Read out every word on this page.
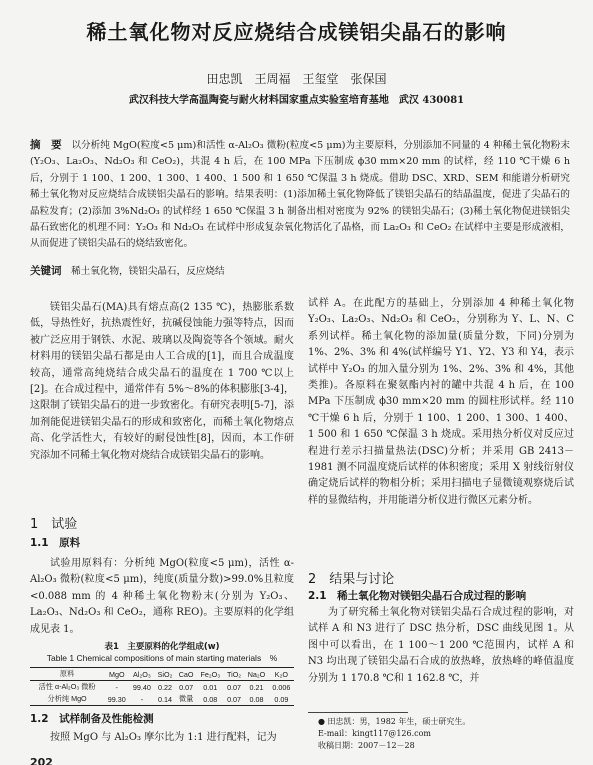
稀土氧化物对反应烧结合成镁铝尖晶石的影响
田忠凯　王周福　王玺堂　张保国
武汉科技大学高温陶瓷与耐火材料国家重点实验室培育基地　武汉 430081
摘　要　以分析纯 MgO(粒度<5 μm)和活性 α-Al₂O₃ 微粉(粒度<5 μm)为主要原料，分别添加不同量的 4 种稀土氧化物粉末(Y₂O₃、La₂O₃、Nd₂O₃ 和 CeO₂)，共混 4 h 后，在 100 MPa 下压制成 ϕ30 mm×20 mm 的试样，经 110 ℃干燥 6 h 后，分别于 1 100、1 200、1 300、1 400、1 500 和 1 650 ℃保温 3 h 烧成。借助 DSC、XRD、SEM 和能谱分析研究稀土氧化物对反应烧结合成镁铝尖晶石的影响。结果表明：(1)添加稀土氧化物降低了镁铝尖晶石的结晶温度，促进了尖晶石的晶粒发育；(2)添加 3%Nd₂O₃ 的试样经 1 650 ℃保温 3 h 制备出相对密度为 92% 的镁铝尖晶石；(3)稀土氧化物促进镁铝尖晶石致密化的机理不同：Y₂O₃ 和 Nd₂O₃ 在试样中形成复杂氧化物活化了晶格，而 La₂O₃ 和 CeO₂ 在试样中主要是形成液相，从而促进了镁铝尖晶石的烧结致密化。
关键词　稀土氧化物，镁铝尖晶石，反应烧结

镁铝尖晶石(MA)具有熔点高(2 135 ℃)，热膨胀系数低，导热性好，抗热震性好，抗碱侵蚀能力强等特点，因而被广泛应用于钢铁、水泥、玻璃以及陶瓷等各个领域。耐火材料用的镁铝尖晶石都是由人工合成的[1]，而且合成温度较高，通常高纯烧结合成尖晶石的温度在 1 700 ℃以上[2]。在合成过程中，通常伴有 5%～8%的体积膨胀[3-4]，这限制了镁铝尖晶石的进一步致密化。有研究表明[5-7]，添加剂能促进镁铝尖晶石的形成和致密化，而稀土氧化物熔点高、化学活性大，有较好的耐侵蚀性[8]，因而，本工作研究添加不同稀土氧化物对烧结合成镁铝尖晶石的影响。

1　试验
1.1　原料

试验用原料有：分析纯 MgO(粒度<5 μm)，活性 α-Al₂O₃ 微粉(粒度<5 μm)，纯度(质量分数)>99.0%且粒度<0.088 mm 的 4 种稀土氧化物粉末(分别为 Y₂O₃、La₂O₃、Nd₂O₃ 和 CeO₂，通称 REO)。主要原料的化学组成见表 1。

表1　主要原料的化学组成(w)
Table 1 Chemical compositions of main starting materials　%
原料	MgO	Al₂O₃	SiO₂	CaO	Fe₂O₃	TiO₂	Na₂O	K₂O
活性 α-Al₂O₃ 微粉	-	99.40	0.22	0.07	0.01	0.07	0.21	0.006
分析纯 MgO	99.30	-	0.14	微量	0.08	0.07	0.08	0.09
1.2　试样制备及性能检测

按照 MgO 与 Al₂O₃ 摩尔比为 1:1 进行配料，记为

试样 A。在此配方的基础上，分别添加 4 种稀土氧化物 Y₂O₃、La₂O₃、Nd₂O₃ 和 CeO₂，分别称为 Y、L、N、C 系列试样。稀土氧化物的添加量(质量分数，下同)分别为 1%、2%、3% 和 4%(试样编号 Y1、Y2、Y3 和 Y4，表示试样中 Y₂O₃ 的加入量分别为 1%、2%、3% 和 4%，其他类推)。各原料在聚氨酯内衬的罐中共混 4 h 后，在 100 MPa 下压制成 ϕ30 mm×20 mm 的圆柱形试样。经 110 ℃干燥 6 h 后，分别于 1 100、1 200、1 300、1 400、1 500 和 1 650 ℃保温 3 h 烧成。采用热分析仪对反应过程进行差示扫描量热法(DSC)分析；并采用 GB 2413－1981 测不同温度烧后试样的体积密度；采用 X 射线衍射仪确定烧后试样的物相分析；采用扫描电子显微镜观察烧后试样的显微结构，并用能谱分析仪进行微区元素分析。

2　结果与讨论
2.1　稀土氧化物对镁铝尖晶石合成过程的影响

为了研究稀土氧化物对镁铝尖晶石合成过程的影响，对试样 A 和 N3 进行了 DSC 热分析，DSC 曲线见图 1。从图中可以看出，在 1 100～1 200 ℃范围内，试样 A 和 N3 均出现了镁铝尖晶石合成的放热峰，放热峰的峰值温度分别为 1 170.8 ℃和 1 162.8 ℃，并

● 田忠凯：男，1982 年生，硕士研究生。
E-mail：kingt117@126.com
收稿日期：2007－12－28
202
